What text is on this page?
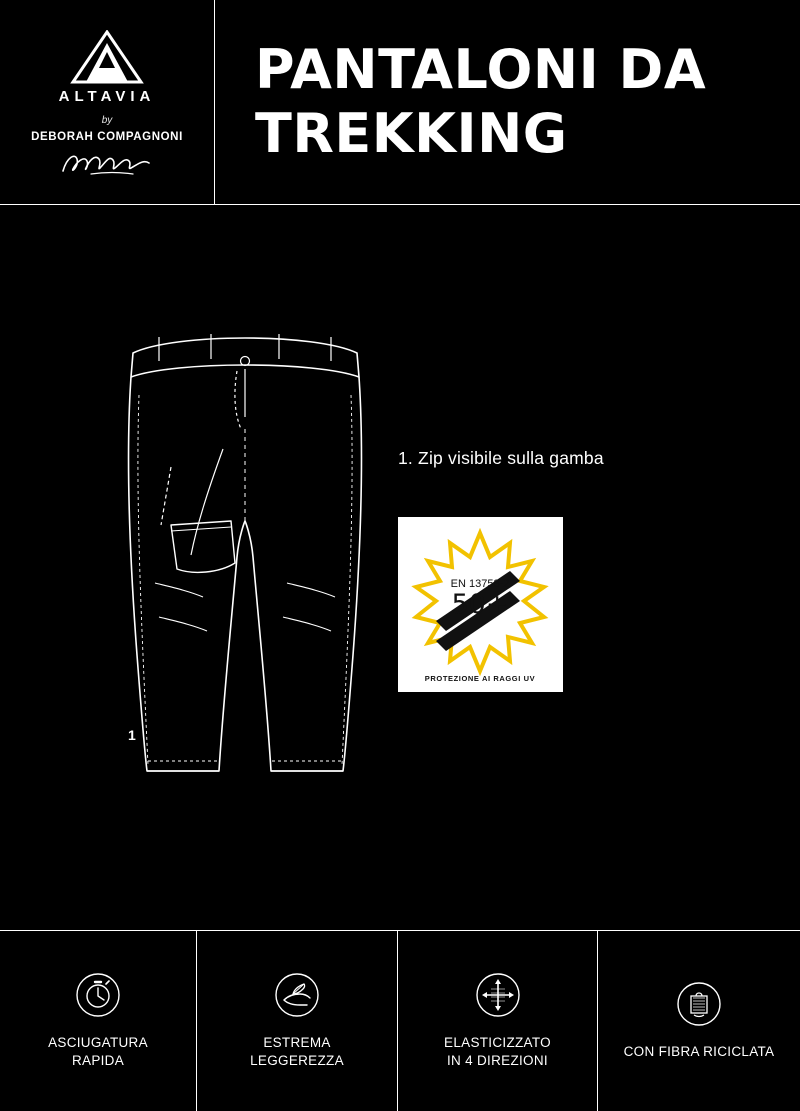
ALTAVIA
by
DEBORAH COMPAGNONI
PANTALONI DA TREKKING
1
1. Zip visibile sulla gamba
EN 13758-2
50+
PROTEZIONE AI RAGGI UV
ASCIUGATURA
RAPIDA
ESTREMA
LEGGEREZZA
ELASTICIZZATO
IN 4 DIREZIONI
CON FIBRA RICICLATA
